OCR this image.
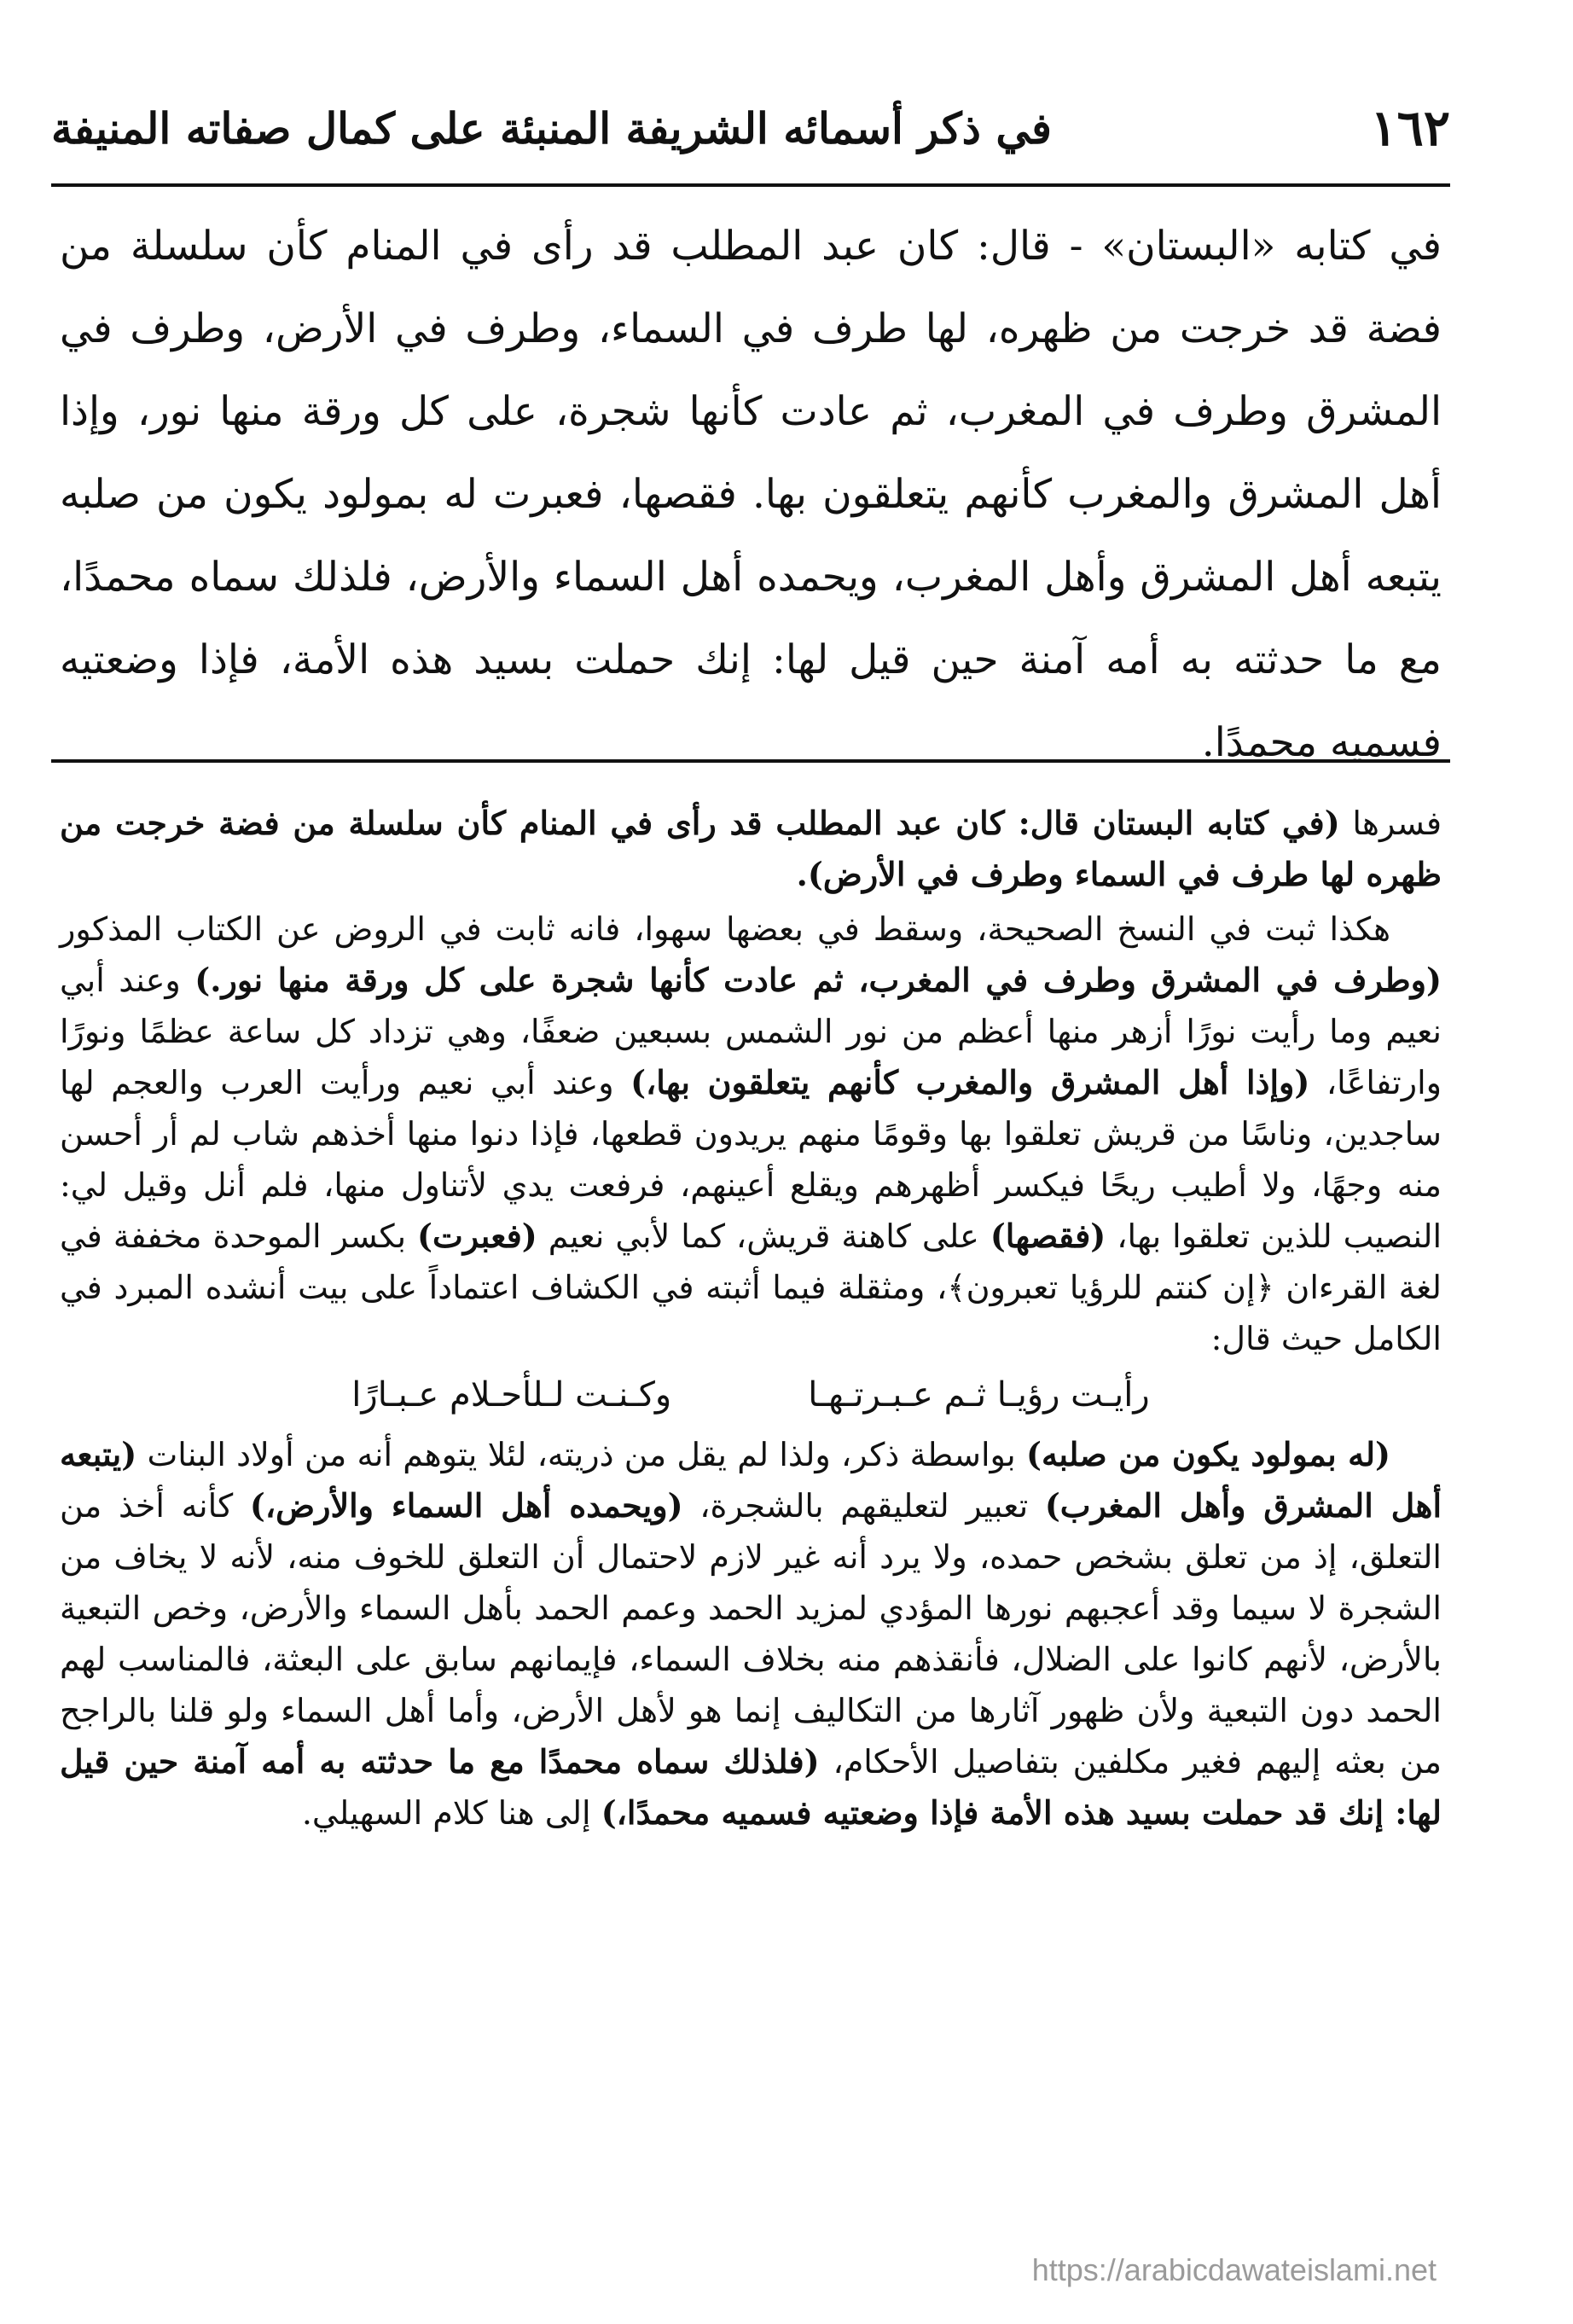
١٦٢
في ذكر أسمائه الشريفة المنبئة على كمال صفاته المنيفة
في كتابه «البستان» - قال: كان عبد المطلب قد رأى في المنام كأن سلسلة من فضة قد خرجت من ظهره، لها طرف في السماء، وطرف في الأرض، وطرف في المشرق وطرف في المغرب، ثم عادت كأنها شجرة، على كل ورقة منها نور، وإذا أهل المشرق والمغرب كأنهم يتعلقون بها. فقصها، فعبرت له بمولود يكون من صلبه يتبعه أهل المشرق وأهل المغرب، ويحمده أهل السماء والأرض، فلذلك سماه محمدًا، مع ما حدثته به أمه آمنة حين قيل لها: إنك حملت بسيد هذه الأمة، فإذا وضعتيه فسميه محمدًا.

فسرها (في كتابه البستان قال: كان عبد المطلب قد رأى في المنام كأن سلسلة من فضة خرجت من ظهره لها طرف في السماء وطرف في الأرض).

هكذا ثبت في النسخ الصحيحة، وسقط في بعضها سهوا، فانه ثابت في الروض عن الكتاب المذكور (وطرف في المشرق وطرف في المغرب، ثم عادت كأنها شجرة على كل ورقة منها نور.) وعند أبي نعيم وما رأيت نورًا أزهر منها أعظم من نور الشمس بسبعين ضعفًا، وهي تزداد كل ساعة عظمًا ونورًا وارتفاعًا، (وإذا أهل المشرق والمغرب كأنهم يتعلقون بها،) وعند أبي نعيم ورأيت العرب والعجم لها ساجدين، وناسًا من قريش تعلقوا بها وقومًا منهم يريدون قطعها، فإذا دنوا منها أخذهم شاب لم أر أحسن منه وجهًا، ولا أطيب ريحًا فيكسر أظهرهم ويقلع أعينهم، فرفعت يدي لأتناول منها، فلم أنل وقيل لي: النصيب للذين تعلقوا بها، (فقصها) على كاهنة قريش، كما لأبي نعيم (فعبرت) بكسر الموحدة مخففة في لغة القرءان ﴿إن كنتم للرؤيا تعبرون﴾، ومثقلة فيما أثبته في الكشاف اعتماداً على بيت أنشده المبرد في الكامل حيث قال:

رأيـت رؤيـا ثـم عـبـرتـهـا
وكـنـت لـلأحـلام عـبـارًا

(له بمولود يكون من صلبه) بواسطة ذكر، ولذا لم يقل من ذريته، لئلا يتوهم أنه من أولاد البنات (يتبعه أهل المشرق وأهل المغرب) تعبير لتعليقهم بالشجرة، (ويحمده أهل السماء والأرض،) كأنه أخذ من التعلق، إذ من تعلق بشخص حمده، ولا يرد أنه غير لازم لاحتمال أن التعلق للخوف منه، لأنه لا يخاف من الشجرة لا سيما وقد أعجبهم نورها المؤدي لمزيد الحمد وعمم الحمد بأهل السماء والأرض، وخص التبعية بالأرض، لأنهم كانوا على الضلال، فأنقذهم منه بخلاف السماء، فإيمانهم سابق على البعثة، فالمناسب لهم الحمد دون التبعية ولأن ظهور آثارها من التكاليف إنما هو لأهل الأرض، وأما أهل السماء ولو قلنا بالراجح من بعثه إليهم فغير مكلفين بتفاصيل الأحكام، (فلذلك سماه محمدًا مع ما حدثته به أمه آمنة حين قيل لها: إنك قد حملت بسيد هذه الأمة فإذا وضعتيه فسميه محمدًا،) إلى هنا كلام السهيلي.

https://arabicdawateislami.net
